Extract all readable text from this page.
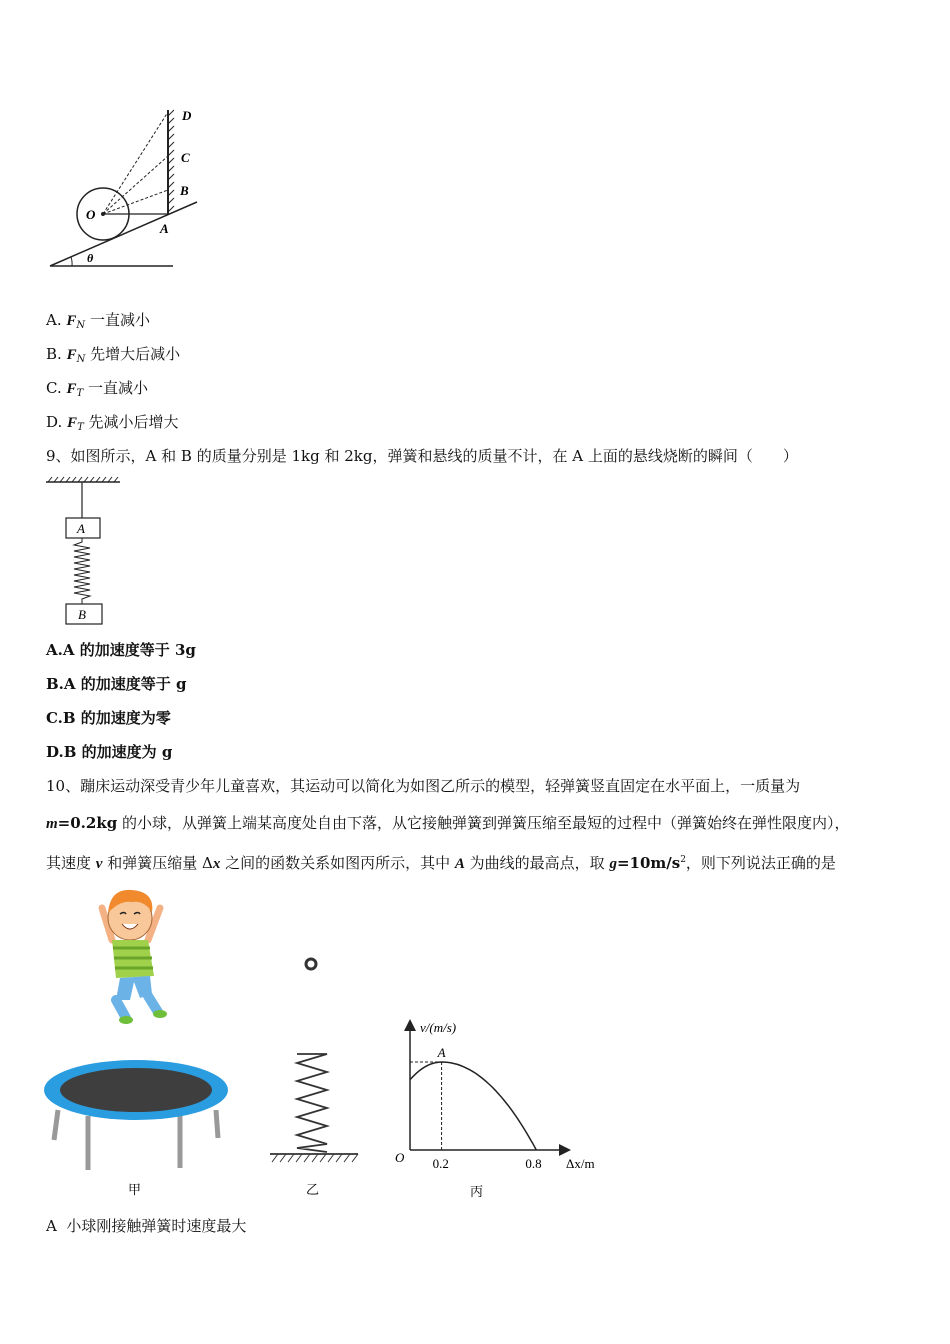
D
C
B
O
A
θ
A. $F_N$ 一直减小
B. $F_N$ 先增大后减小
C. $F_T$ 一直减小
D. $F_T$ 先减小后增大
9、如图所示，A 和 B 的质量分别是 1kg 和 2kg，弹簧和悬线的质量不计，在 A 上面的悬线烧断的瞬间（　　）
A
B
A.A 的加速度等于 3g
B.A 的加速度等于 g
C.B 的加速度为零
D.B 的加速度为 g
10、蹦床运动深受青少年儿童喜欢，其运动可以简化为如图乙所示的模型，轻弹簧竖直固定在水平面上，一质量为
m=0.2kg 的小球，从弹簧上端某高度处自由下落，从它接触弹簧到弹簧压缩至最短的过程中（弹簧始终在弹性限度内），
其速度 v 和弹簧压缩量 Δx 之间的函数关系如图丙所示，其中 A 为曲线的最高点，取 $g=10m/s^2$，则下列说法正确的是
甲	乙
v/(m/s)
Δx/m
O 0.2	0.8
A
丙
A 小球刚接触弹簧时速度最大
